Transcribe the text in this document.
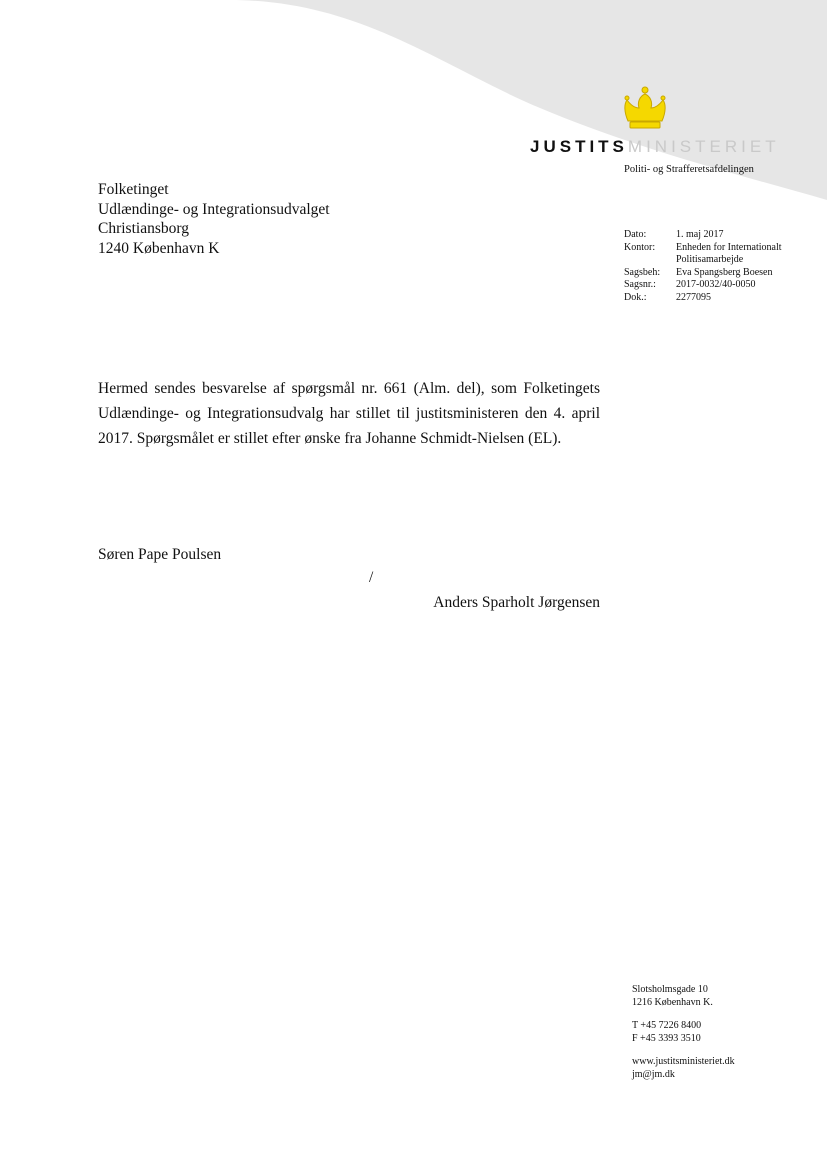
JUSTITSMINISTERIET
Politi- og Strafferetsafdelingen
Folketinget
Udlændinge- og Integrationsudvalget
Christiansborg
1240 København K
Dato:	1. maj 2017
Kontor:	Enheden for Internationalt Politisamarbejde
Sagsbeh:	Eva Spangsberg Boesen
Sagsnr.:	2017-0032/40-0050
Dok.:	2277095
Hermed sendes besvarelse af spørgsmål nr. 661 (Alm. del), som Folketingets Udlændinge- og Integrationsudvalg har stillet til justitsministeren den 4. april 2017. Spørgsmålet er stillet efter ønske fra Johanne Schmidt-Nielsen (EL).
Søren Pape Poulsen
/
Anders Sparholt Jørgensen
Slotsholmsgade 10
1216 København K.
T +45 7226 8400
F +45 3393 3510
www.justitsministeriet.dk
jm@jm.dk
